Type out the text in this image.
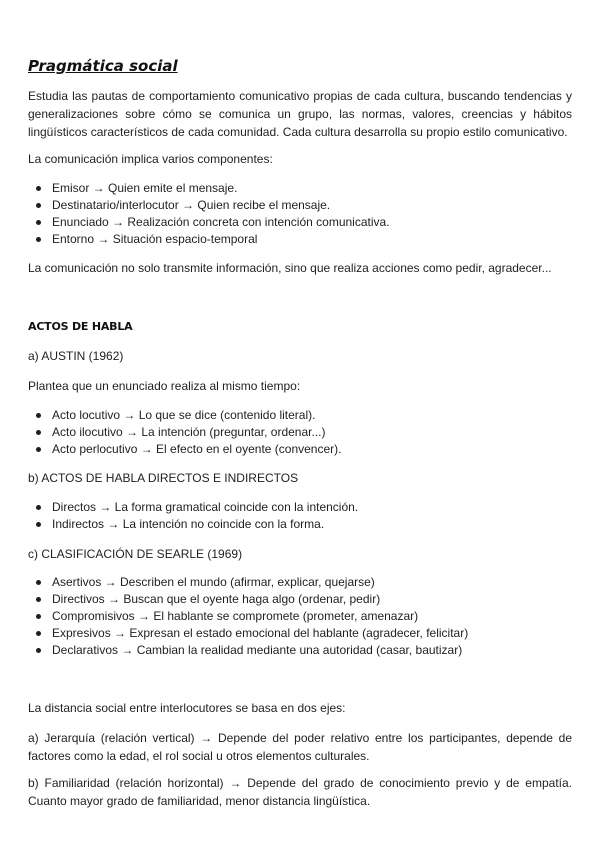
Pragmática social

Estudia las pautas de comportamiento comunicativo propias de cada cultura, buscando tendencias y generalizaciones sobre cómo se comunica un grupo, las normas, valores, creencias y hábitos lingüísticos característicos de cada comunidad. Cada cultura desarrolla su propio estilo comunicativo.

La comunicación implica varios componentes:

Emisor → Quien emite el mensaje.
Destinatario/interlocutor → Quien recibe el mensaje.
Enunciado → Realización concreta con intención comunicativa.
Entorno → Situación espacio-temporal

La comunicación no solo transmite información, sino que realiza acciones como pedir, agradecer...

ACTOS DE HABLA

a) AUSTIN (1962)

Plantea que un enunciado realiza al mismo tiempo:

Acto locutivo → Lo que se dice (contenido literal).
Acto ilocutivo → La intención (preguntar, ordenar...)
Acto perlocutivo → El efecto en el oyente (convencer).

b) ACTOS DE HABLA DIRECTOS E INDIRECTOS

Directos → La forma gramatical coincide con la intención.
Indirectos → La intención no coincide con la forma.

c) CLASIFICACIÓN DE SEARLE (1969)

Asertivos → Describen el mundo (afirmar, explicar, quejarse)
Directivos → Buscan que el oyente haga algo (ordenar, pedir)
Compromisivos → El hablante se compromete (prometer, amenazar)
Expresivos → Expresan el estado emocional del hablante (agradecer, felicitar)
Declarativos → Cambian la realidad mediante una autoridad (casar, bautizar)

La distancia social entre interlocutores se basa en dos ejes:

a) Jerarquía (relación vertical) → Depende del poder relativo entre los participantes, depende de factores como la edad, el rol social u otros elementos culturales.

b) Familiaridad (relación horizontal) → Depende del grado de conocimiento previo y de empatía. Cuanto mayor grado de familiaridad, menor distancia lingüística.
